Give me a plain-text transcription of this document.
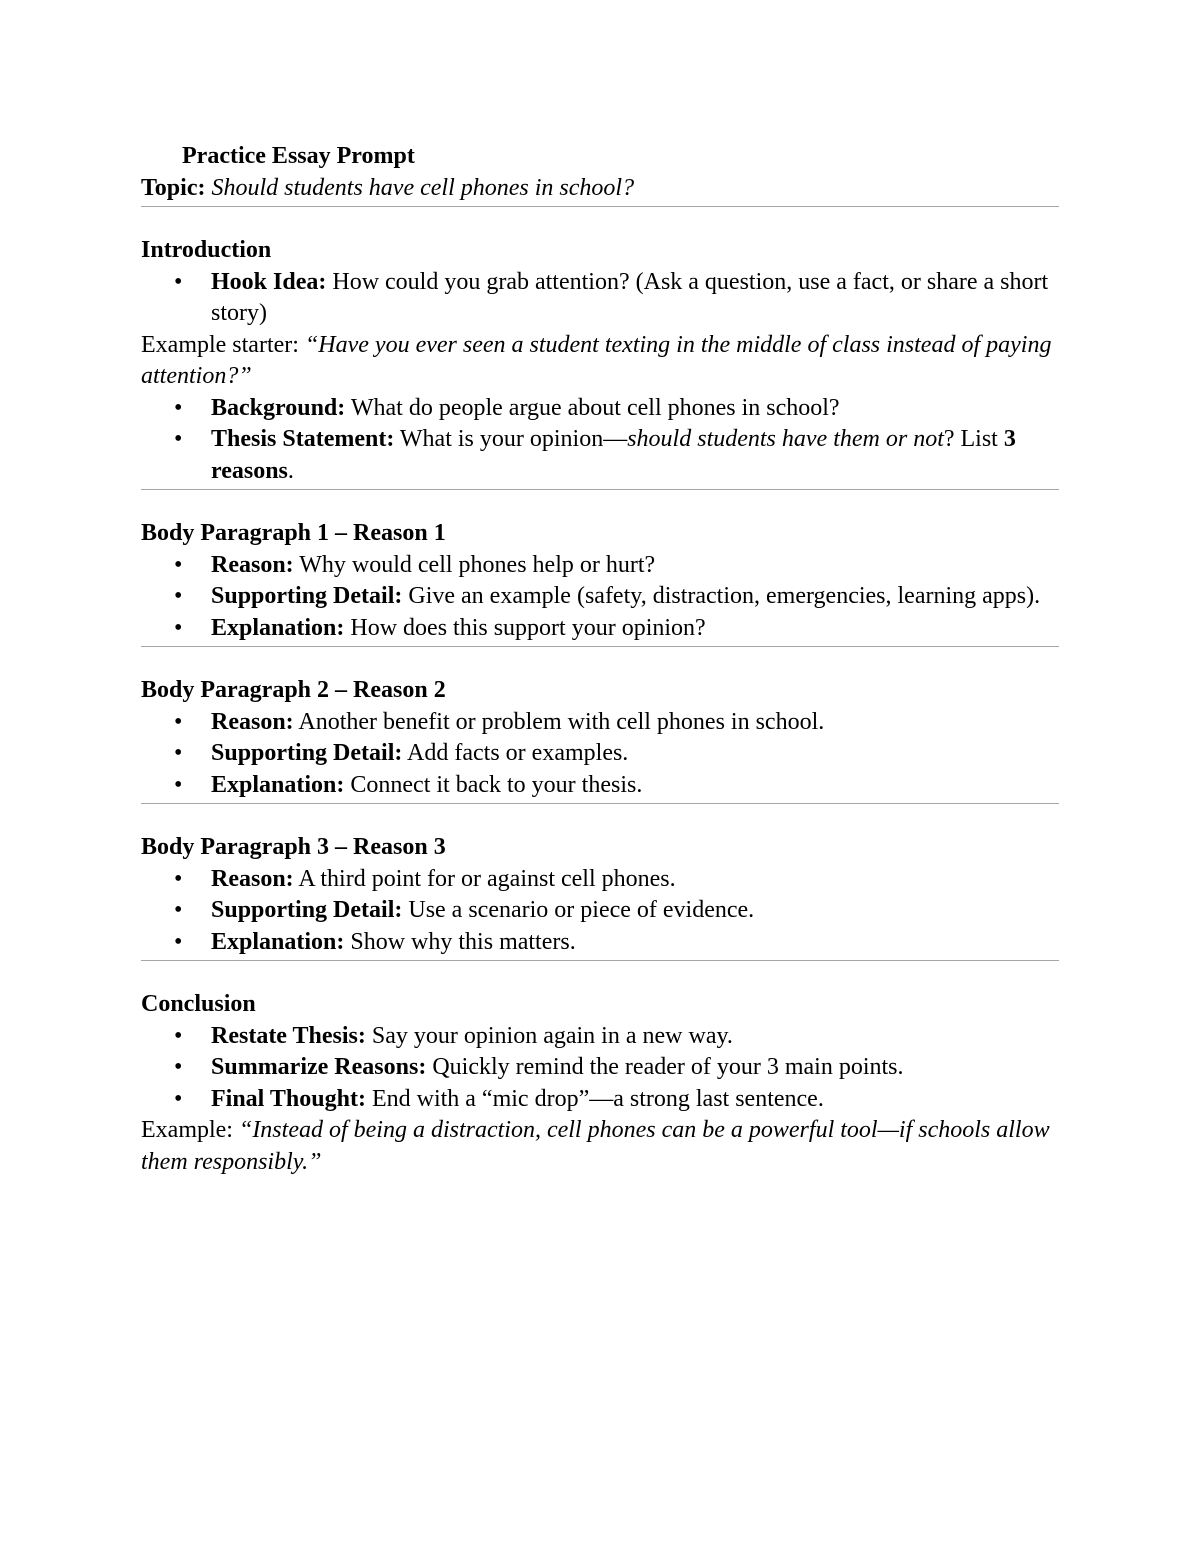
Practice Essay Prompt

Topic: Should students have cell phones in school?

Introduction

• Hook Idea: How could you grab attention? (Ask a question, use a fact, or share a short story)

Example starter: “Have you ever seen a student texting in the middle of class instead of paying attention?”

• Background: What do people argue about cell phones in school?
• Thesis Statement: What is your opinion—should students have them or not? List 3 reasons.

Body Paragraph 1 – Reason 1

• Reason: Why would cell phones help or hurt?
• Supporting Detail: Give an example (safety, distraction, emergencies, learning apps).
• Explanation: How does this support your opinion?

Body Paragraph 2 – Reason 2

• Reason: Another benefit or problem with cell phones in school.
• Supporting Detail: Add facts or examples.
• Explanation: Connect it back to your thesis.

Body Paragraph 3 – Reason 3

• Reason: A third point for or against cell phones.
• Supporting Detail: Use a scenario or piece of evidence.
• Explanation: Show why this matters.

Conclusion

• Restate Thesis: Say your opinion again in a new way.
• Summarize Reasons: Quickly remind the reader of your 3 main points.
• Final Thought: End with a “mic drop”—a strong last sentence.

Example: “Instead of being a distraction, cell phones can be a powerful tool—if schools allow them responsibly.”
